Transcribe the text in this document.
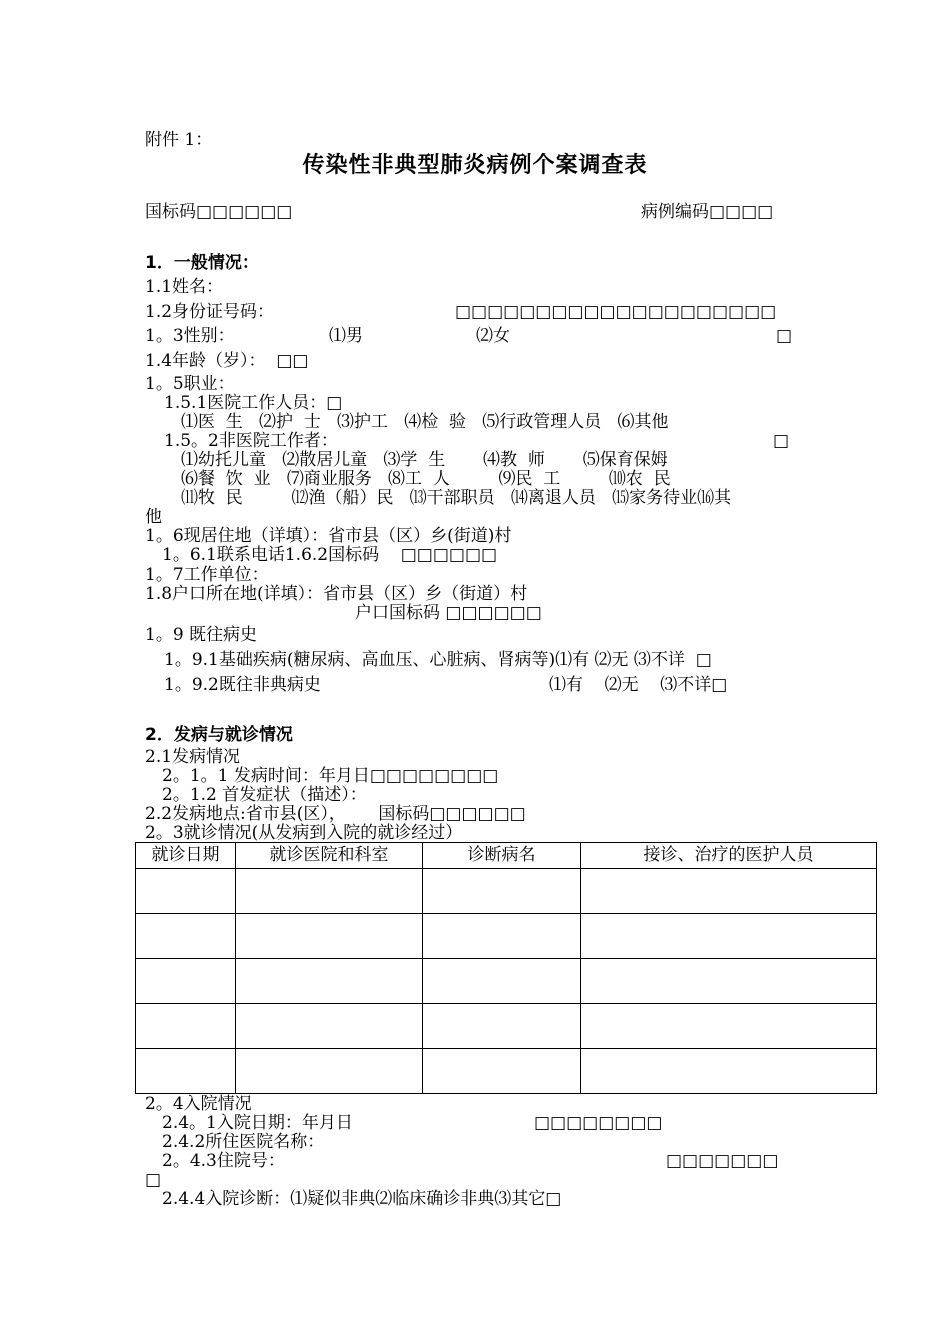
附件 1：
传染性非典型肺炎病例个案调查表
国标码□□□□□□	病例编码□□□□
1．一般情况：
1.1姓名：
1.2身份证号码：	□□□□□□□□□□□□□□□□□□□□
1。3性别：	⑴男	⑵女	□
1.4年龄（岁）：  □□
1。5职业：
1.5.1医院工作人员：□
⑴医  生   ⑵护  士   ⑶护工   ⑷检  验   ⑸行政管理人员   ⑹其他
1.5。2非医院工作者：	□
⑴幼托儿童   ⑵散居儿童   ⑶学  生       ⑷教  师       ⑸保育保姆
⑹餐  饮  业   ⑺商业服务   ⑻工  人         ⑼民  工         ⑽农  民
⑾牧  民         ⑿渔（船）民   ⒀干部职员   ⒁离退人员   ⒂家务待业⒃其
他
1。6现居住地（详填）：省市县（区）乡(街道)村
1。6.1联系电话1.6.2国标码    □□□□□□
1。7工作单位：
1.8户口所在地(详填）：省市县（区）乡（街道）村
户口国标码 □□□□□□
1。9 既往病史
1。9.1基础疾病(糖尿病、高血压、心脏病、肾病等)⑴有 ⑵无 ⑶不详  □
1。9.2既往非典病史	⑴有    ⑵无    ⑶不详□
2．发病与就诊情况
2.1发病情况
2。1。1 发病时间：年月日□□□□□□□□
2。1.2 首发症状（描述）：
2.2发病地点:省市县(区），      国标码□□□□□□
2。3就诊情况(从发病到入院的就诊经过）
就诊日期	就诊医院和科室	诊断病名	接诊、治疗的医护人员

2。4入院情况
2.4。1入院日期：年月日	□□□□□□□□
2.4.2所住医院名称：
2。4.3住院号：	□□□□□□□
□
2.4.4入院诊断：⑴疑似非典⑵临床确诊非典⑶其它□
